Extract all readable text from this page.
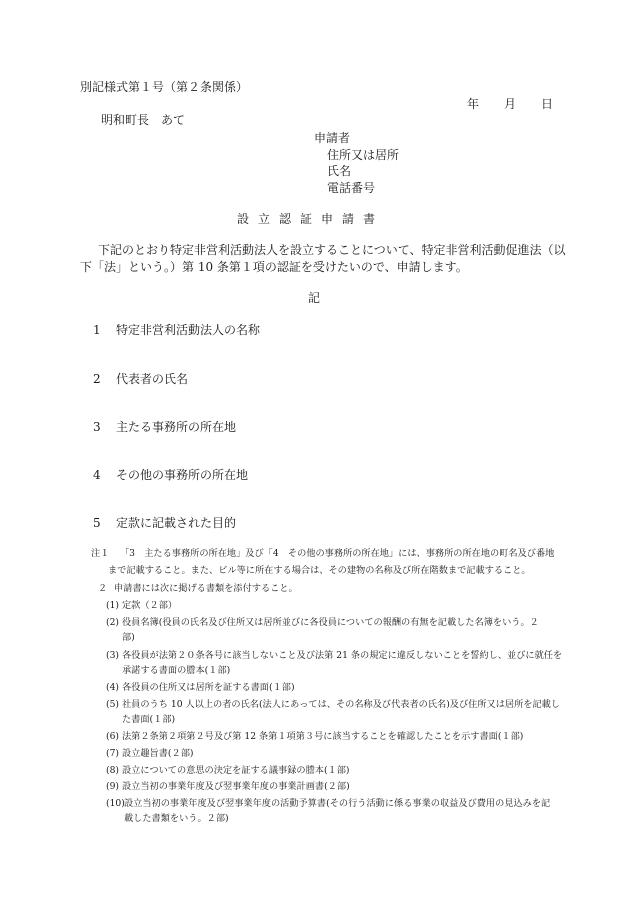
別記様式第１号（第２条関係）
年 月 日
明和町長　あて
申請者
住所又は居所
氏名
電話番号
設立認証申請書
下記のとおり特定非営利活動法人を設立することについて、特定非営利活動促進法（以
下「法」という。）第 10 条第１項の認証を受けたいので、申請します。
記
1 特定非営利活動法人の名称
2 代表者の氏名
3 主たる事務所の所在地
4 その他の事務所の所在地
5 定款に記載された目的
注１ 「3　主たる事務所の所在地」及び「4　その他の事務所の所在地」には、事務所の所在地の町名及び番地
まで記載すること。また、ビル等に所在する場合は、その建物の名称及び所在階数まで記載すること。
２ 申請書には次に掲げる書類を添付すること。
(1) 定款（２部）
(2) 役員名簿(役員の氏名及び住所又は居所並びに各役員についての報酬の有無を記載した名簿をいう。２
部)
(3) 各役員が法第２０条各号に該当しないこと及び法第 21 条の規定に違反しないことを誓約し、並びに就任を
承諾する書面の謄本(１部)
(4) 各役員の住所又は居所を証する書面(１部)
(5) 社員のうち 10 人以上の者の氏名(法人にあっては、その名称及び代表者の氏名)及び住所又は居所を記載し
た書面(１部)
(6) 法第２条第２項第２号及び第 12 条第１項第３号に該当することを確認したことを示す書面(１部)
(7) 設立趣旨書(２部)
(8) 設立についての意思の決定を証する議事録の謄本(１部)
(9) 設立当初の事業年度及び翌事業年度の事業計画書(２部)
(10) 設立当初の事業年度及び翌事業年度の活動予算書(その行う活動に係る事業の収益及び費用の見込みを記
載した書類をいう。２部)
